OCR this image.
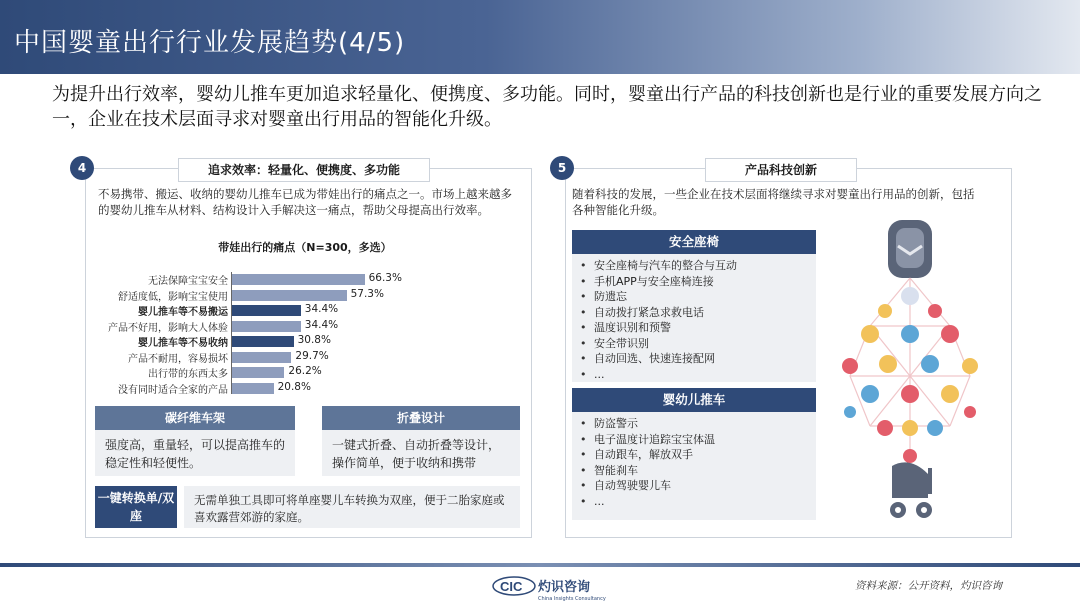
中国婴童出行行业发展趋势(4/5)
为提升出行效率，婴幼儿推车更加追求轻量化、便携度、多功能。同时，婴童出行产品的科技创新也是行业的重要发展方向之一，企业在技术层面寻求对婴童出行用品的智能化升级。
4	追求效率：轻量化、便携度、多功能
不易携带、搬运、收纳的婴幼儿推车已成为带娃出行的痛点之一。市场上越来越多的婴幼儿推车从材料、结构设计入手解决这一痛点，帮助父母提高出行效率。
带娃出行的痛点（N=300，多选）
无法保障宝宝安全	66.3%
舒适度低，影响宝宝使用	57.3%
婴儿推车等不易搬运	34.4%
产品不好用，影响大人体验	34.4%
婴儿推车等不易收纳	30.8%
产品不耐用，容易损坏	29.7%
出行带的东西太多	26.2%
没有同时适合全家的产品	20.8%
碳纤维车架
强度高，重量轻，可以提高推车的稳定性和轻便性。
折叠设计
一键式折叠、自动折叠等设计，操作简单，便于收纳和携带
一键转换单/双座
无需单独工具即可将单座婴儿车转换为双座，便于二胎家庭或喜欢露营郊游的家庭。
5	产品科技创新
随着科技的发展，一些企业在技术层面将继续寻求对婴童出行用品的创新，包括各种智能化升级。
安全座椅
• 安全座椅与汽车的整合与互动
• 手机APP与安全座椅连接
• 防遗忘
• 自动拨打紧急求救电话
• 温度识别和预警
• 安全带识别
• 自动回选、快速连接配网
• ...
婴幼儿推车
• 防盗警示
• 电子温度计追踪宝宝体温
• 自动跟车，解放双手
• 智能刹车
• 自动驾驶婴儿车
• ...
CIC 灼识咨询
China Insights Consultancy
资料来源：公开资料，灼识咨询
